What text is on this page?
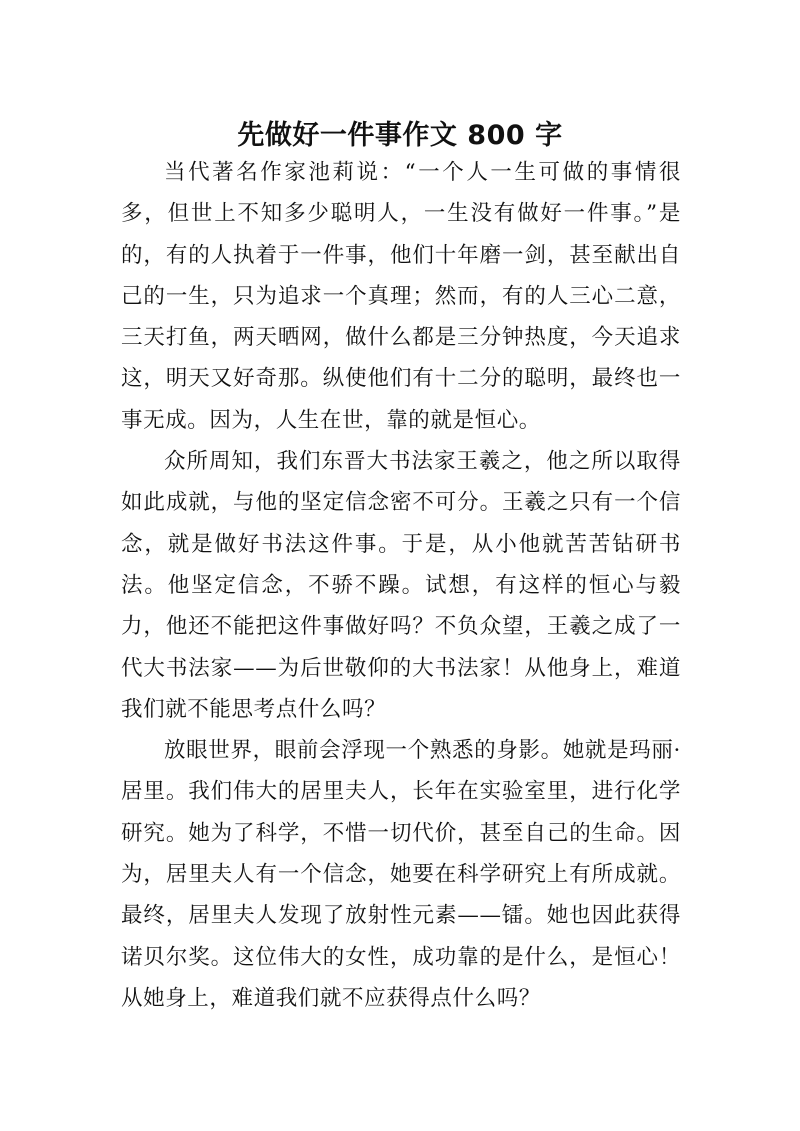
先做好一件事作文 800 字

当代著名作家池莉说：“一个人一生可做的事情很多，但世上不知多少聪明人，一生没有做好一件事。”是的，有的人执着于一件事，他们十年磨一剑，甚至献出自己的一生，只为追求一个真理；然而，有的人三心二意，三天打鱼，两天晒网，做什么都是三分钟热度，今天追求这，明天又好奇那。纵使他们有十二分的聪明，最终也一事无成。因为，人生在世，靠的就是恒心。

众所周知，我们东晋大书法家王羲之，他之所以取得如此成就，与他的坚定信念密不可分。王羲之只有一个信念，就是做好书法这件事。于是，从小他就苦苦钻研书法。他坚定信念，不骄不躁。试想，有这样的恒心与毅力，他还不能把这件事做好吗？不负众望，王羲之成了一代大书法家——为后世敬仰的大书法家！从他身上，难道我们就不能思考点什么吗？

放眼世界，眼前会浮现一个熟悉的身影。她就是玛丽·居里。我们伟大的居里夫人，长年在实验室里，进行化学研究。她为了科学，不惜一切代价，甚至自己的生命。因为，居里夫人有一个信念，她要在科学研究上有所成就。最终，居里夫人发现了放射性元素——镭。她也因此获得诺贝尔奖。这位伟大的女性，成功靠的是什么，是恒心！从她身上，难道我们就不应获得点什么吗？
